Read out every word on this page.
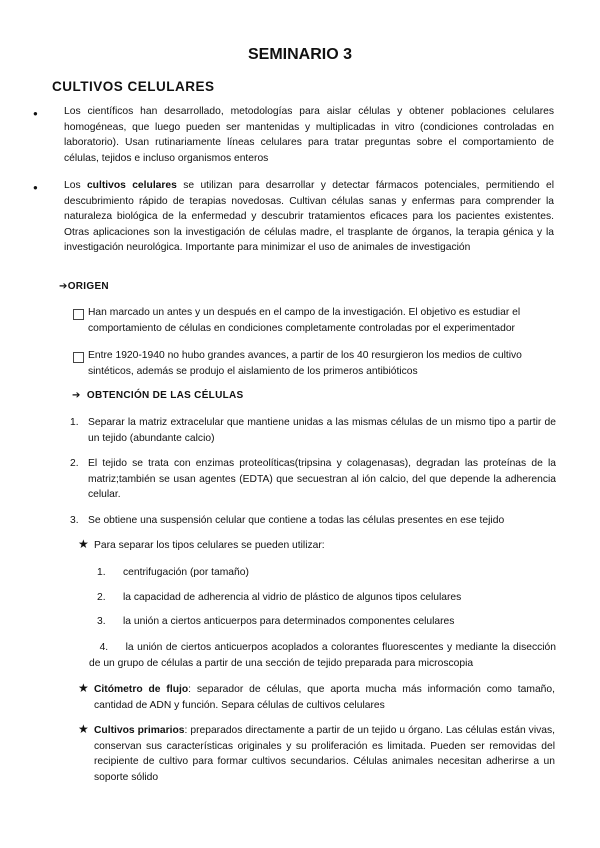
SEMINARIO 3
CULTIVOS CELULARES
●	Los científicos han desarrollado, metodologías para aislar células y obtener poblaciones celulares homogéneas, que luego pueden ser mantenidas y multiplicadas in vitro (condiciones controladas en laboratorio). Usan rutinariamente líneas celulares para tratar preguntas sobre el comportamiento de células, tejidos e incluso organismos enteros

●	Los cultivos celulares se utilizan para desarrollar y detectar fármacos potenciales, permitiendo el descubrimiento rápido de terapias novedosas. Cultivan células sanas y enfermas para comprender la naturaleza biológica de la enfermedad y descubrir tratamientos eficaces para los pacientes existentes. Otras aplicaciones son la investigación de células madre, el trasplante de órganos, la terapia génica y la investigación neurológica. Importante para minimizar el uso de animales de investigación

➔ORIGEN

Han marcado un antes y un después en el campo de la investigación. El objetivo es estudiar el comportamiento de células en condiciones completamente controladas por el experimentador

Entre 1920-1940 no hubo grandes avances, a partir de los 40 resurgieron los medios de cultivo sintéticos, además se produjo el aislamiento de los primeros antibióticos

➔ OBTENCIÓN DE LAS CÉLULAS
1. Separar la matriz extracelular que mantiene unidas a las mismas células de un mismo tipo a partir de un tejido (abundante calcio)

2. El tejido se trata con enzimas proteolíticas(tripsina y colagenasas), degradan las proteínas de la matriz;también se usan agentes (EDTA) que secuestran al ión calcio, del que depende la adherencia celular.

3. Se obtiene una suspensión celular que contiene a todas las células presentes en ese tejido

★ Para separar los tipos celulares se pueden utilizar:

1. centrifugación (por tamaño)

2. la capacidad de adherencia al vidrio de plástico de algunos tipos celulares

3. la unión a ciertos anticuerpos para determinados componentes celulares

4. la unión de ciertos anticuerpos acoplados a colorantes fluorescentes y mediante la disección de un grupo de células a partir de una sección de tejido preparada para microscopia

★ Citómetro de flujo: separador de células, que aporta mucha más información como tamaño, cantidad de ADN y función. Separa células de cultivos celulares

★ Cultivos primarios: preparados directamente a partir de un tejido u órgano. Las células están vivas, conservan sus características originales y su proliferación es limitada. Pueden ser removidas del recipiente de cultivo para formar cultivos secundarios. Células animales necesitan adherirse a un soporte sólido
